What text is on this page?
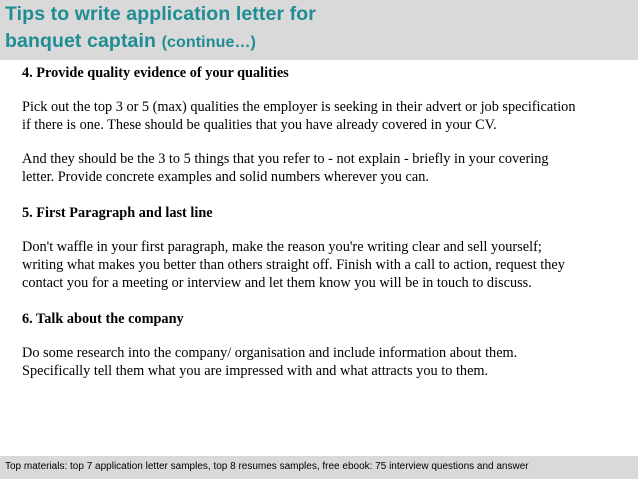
Tips to write application letter for
banquet captain (continue…)
4. Provide quality evidence of your qualities
Pick out the top 3 or 5 (max) qualities the employer is seeking in their advert or job specification
if there is one. These should be qualities that you have already covered in your CV.
And they should be the 3 to 5 things that you refer to - not explain - briefly in your covering
letter. Provide concrete examples and solid numbers wherever you can.
5. First Paragraph and last line
Don't waffle in your first paragraph, make the reason you're writing clear and sell yourself;
writing what makes you better than others straight off. Finish with a call to action, request they
contact you for a meeting or interview and let them know you will be in touch to discuss.
6. Talk about the company
Do some research into the company/ organisation and include information about them.
Specifically tell them what you are impressed with and what attracts you to them.
Top materials: top 7 application letter samples, top 8 resumes samples, free ebook: 75 interview questions and answer
